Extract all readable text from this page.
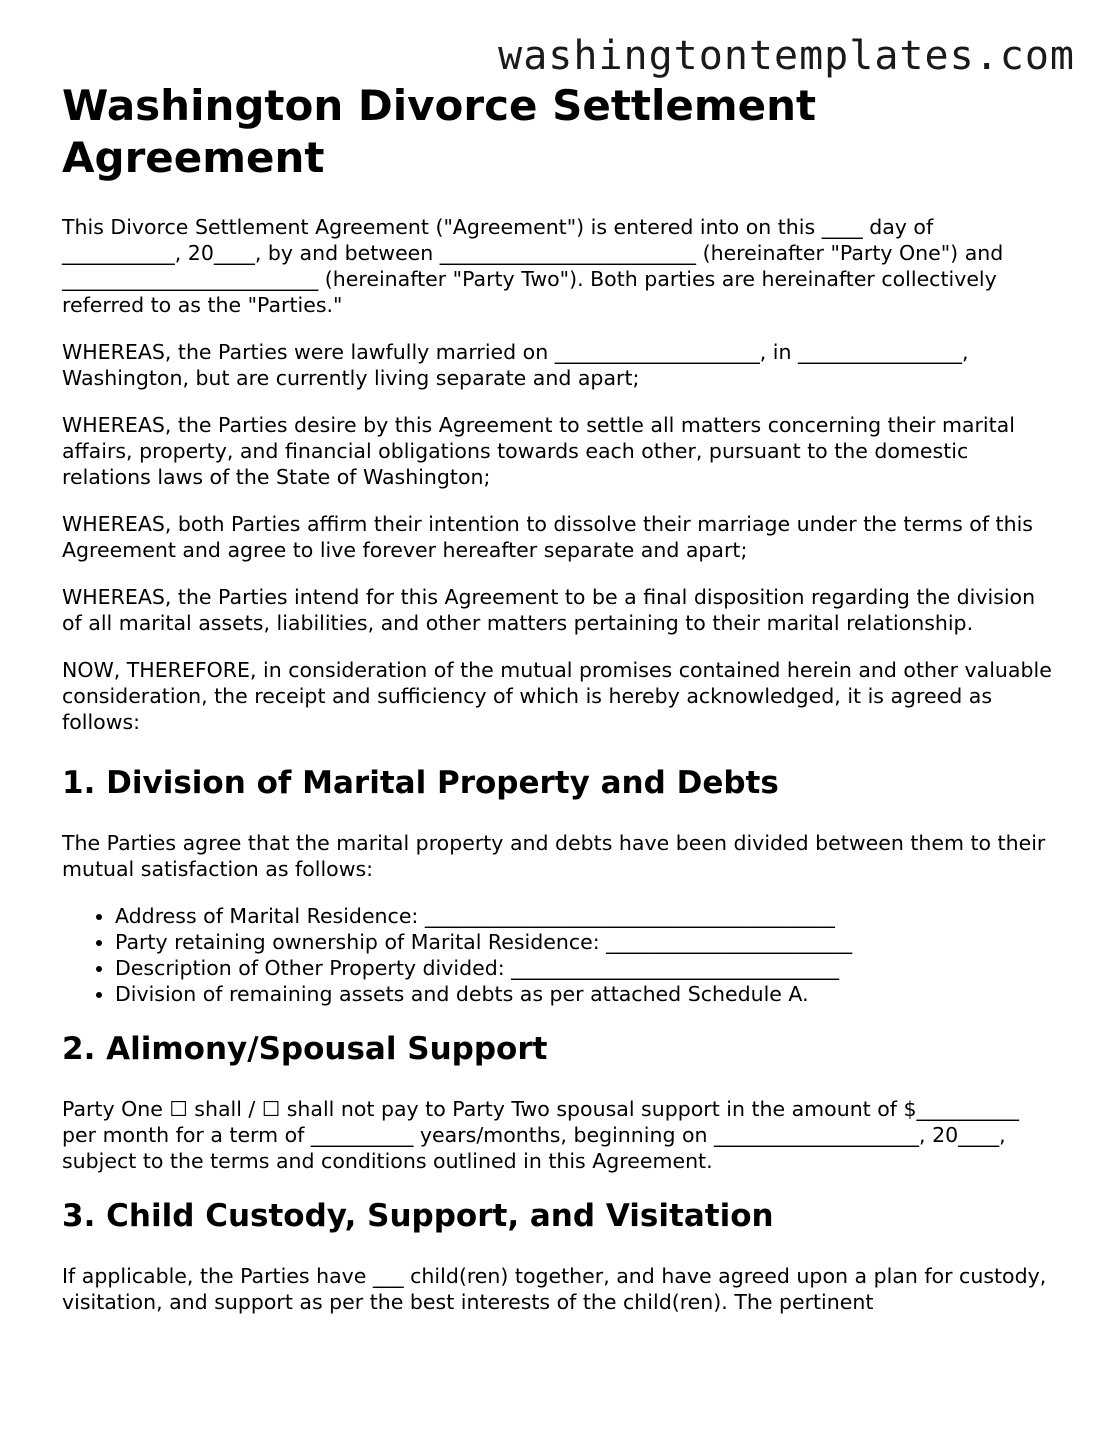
washingtontemplates.com
Washington Divorce Settlement Agreement

This Divorce Settlement Agreement ("Agreement") is entered into on this ____ day of ___________, 20____, by and between _________________________ (hereinafter "Party One") and _________________________ (hereinafter "Party Two"). Both parties are hereinafter collectively referred to as the "Parties."

WHEREAS, the Parties were lawfully married on ____________________, in ________________, Washington, but are currently living separate and apart;

WHEREAS, the Parties desire by this Agreement to settle all matters concerning their marital affairs, property, and financial obligations towards each other, pursuant to the domestic relations laws of the State of Washington;

WHEREAS, both Parties affirm their intention to dissolve their marriage under the terms of this Agreement and agree to live forever hereafter separate and apart;

WHEREAS, the Parties intend for this Agreement to be a final disposition regarding the division of all marital assets, liabilities, and other matters pertaining to their marital relationship.

NOW, THEREFORE, in consideration of the mutual promises contained herein and other valuable consideration, the receipt and sufficiency of which is hereby acknowledged, it is agreed as follows:

1. Division of Marital Property and Debts

The Parties agree that the marital property and debts have been divided between them to their mutual satisfaction as follows:

• Address of Marital Residence: ________________________________________
• Party retaining ownership of Marital Residence: ________________________
• Description of Other Property divided: ________________________________
• Division of remaining assets and debts as per attached Schedule A.
2. Alimony/Spousal Support

Party One ☐ shall / ☐ shall not pay to Party Two spousal support in the amount of $__________ per month for a term of __________ years/months, beginning on ____________________, 20____, subject to the terms and conditions outlined in this Agreement.

3. Child Custody, Support, and Visitation

If applicable, the Parties have ___ child(ren) together, and have agreed upon a plan for custody, visitation, and support as per the best interests of the child(ren). The pertinent
